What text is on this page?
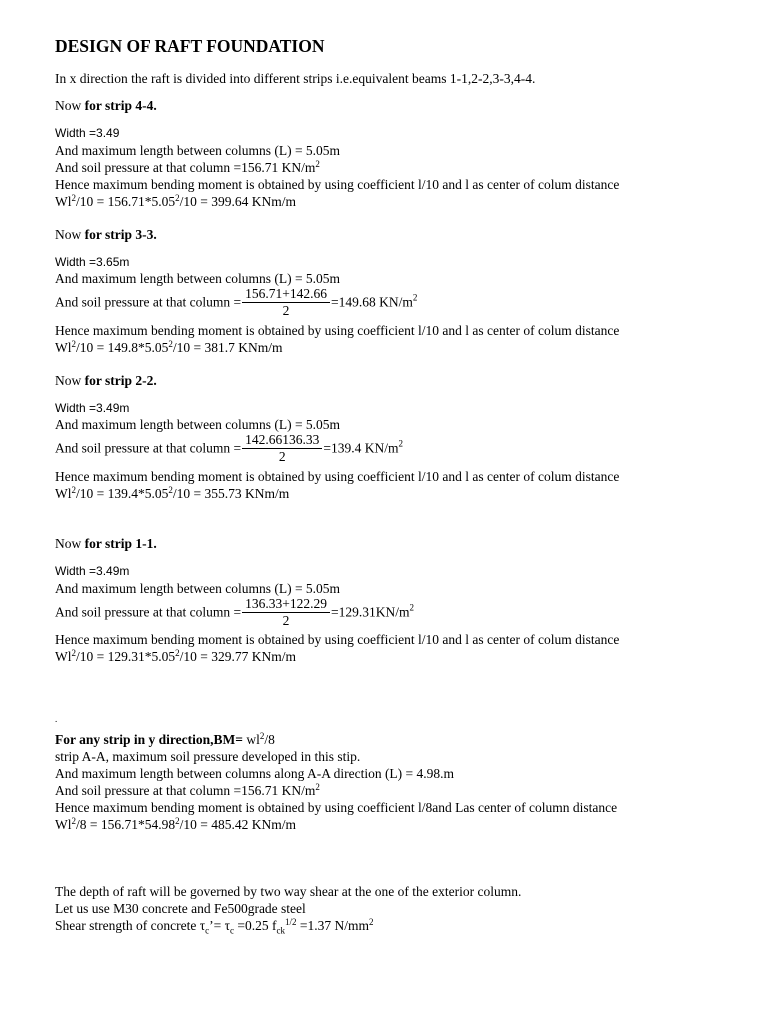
DESIGN OF RAFT FOUNDATION
In x direction the raft is divided into different strips i.e.equivalent beams 1-1,2-2,3-3,4-4.
Now for strip 4-4.
Width =3.49
And maximum length between columns (L) = 5.05m
And soil pressure at that column =156.71 $KN/m^2$
Hence maximum bending moment is obtained by using coefficient l/10 and l as center of colum distance
$Wl^2/10 = 156.71*5.05^2/10 = 399.64$ KNm/m
Now for strip 3-3.
Width =3.65m
And maximum length between columns (L) = 5.05m
And soil pressure at that column = $\frac{156.71+142.66}{2} =149.68$ $KN/m^2$
Hence maximum bending moment is obtained by using coefficient l/10 and l as center of colum distance
$Wl^2/10 = 149.8*5.05^2/10 = 381.7$ KNm/m
Now for strip 2-2.
Width =3.49m
And maximum length between columns (L) = 5.05m
And soil pressure at that column = $\frac{142.66136.33}{2} =139.4$ $KN/m^2$
Hence maximum bending moment is obtained by using coefficient l/10 and l as center of colum distance
$Wl^2/10 = 139.4*5.05^2/10 = 355.73$ KNm/m
Now for strip 1-1.
Width =3.49m
And maximum length between columns (L) = 5.05m
And soil pressure at that column = $\frac{136.33+122.29}{2} =129.31KN/m^2$
Hence maximum bending moment is obtained by using coefficient l/10 and l as center of colum distance
$Wl^2/10 = 129.31*5.05^2/10 = 329.77$ KNm/m
.
For any strip in y direction,BM= $wl^2/8$
strip A-A, maximum soil pressure developed in this stip.
And maximum length between columns along A-A direction (L) = 4.98.m
And soil pressure at that column =156.71 $KN/m^2$
Hence maximum bending moment is obtained by using coefficient l/8and Las center of column distance
$Wl^2/8 = 156.71*54.98^2/10 = 485.42$ KNm/m
The depth of raft will be governed by two way shear at the one of the exterior column.
Let us use M30 concrete and Fe500grade steel
Shear strength of concrete $\tau_c’= \tau_c =0.25$ $f_{ck}^{1/2} =1.37$ $N/mm^2$
